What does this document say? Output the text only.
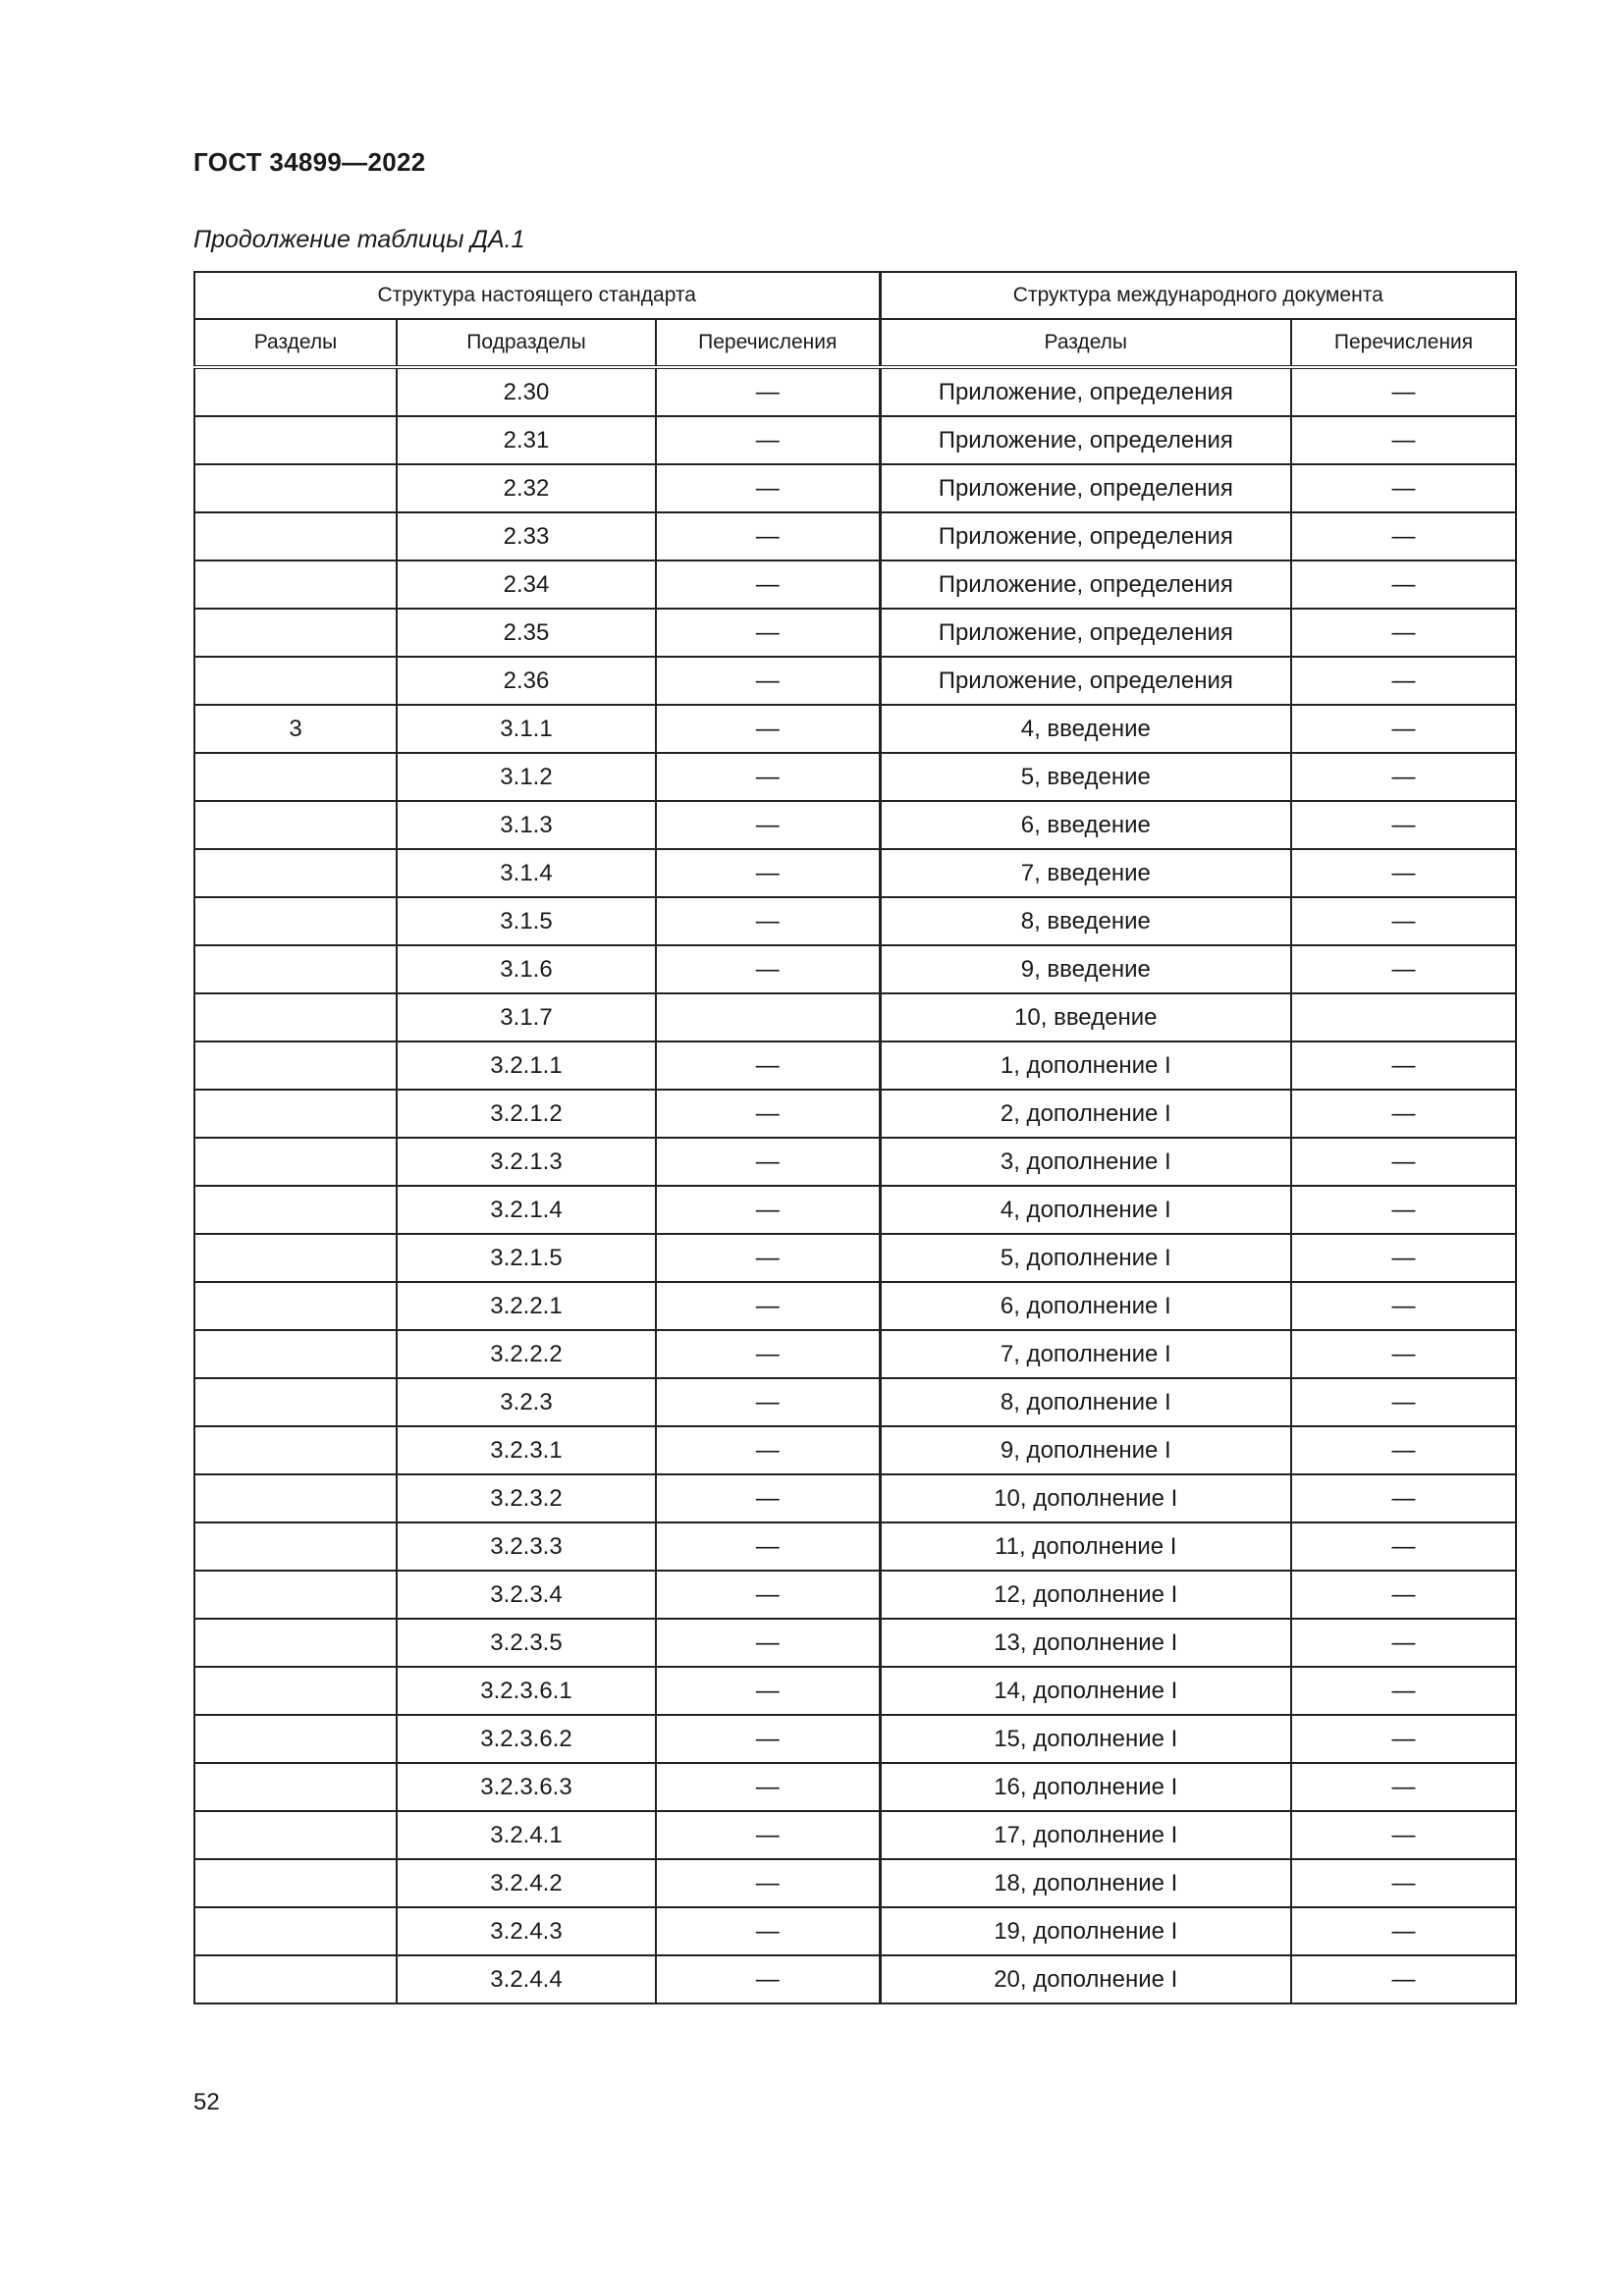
ГОСТ 34899—2022
Продолжение таблицы ДА.1
Структура настоящего стандарта			Структура международного документа	
Разделы	Подразделы	Перечисления	Разделы	Перечисления
	2.30	—	Приложение, определения	—
	2.31	—	Приложение, определения	—
	2.32	—	Приложение, определения	—
	2.33	—	Приложение, определения	—
	2.34	—	Приложение, определения	—
	2.35	—	Приложение, определения	—
	2.36	—	Приложение, определения	—
3	3.1.1	—	4, введение	—
	3.1.2	—	5, введение	—
	3.1.3	—	6, введение	—
	3.1.4	—	7, введение	—
	3.1.5	—	8, введение	—
	3.1.6	—	9, введение	—
	3.1.7		10, введение	
	3.2.1.1	—	1, дополнение I	—
	3.2.1.2	—	2, дополнение I	—
	3.2.1.3	—	3, дополнение I	—
	3.2.1.4	—	4, дополнение I	—
	3.2.1.5	—	5, дополнение I	—
	3.2.2.1	—	6, дополнение I	—
	3.2.2.2	—	7, дополнение I	—
	3.2.3	—	8, дополнение I	—
	3.2.3.1	—	9, дополнение I	—
	3.2.3.2	—	10, дополнение I	—
	3.2.3.3	—	11, дополнение I	—
	3.2.3.4	—	12, дополнение I	—
	3.2.3.5	—	13, дополнение I	—
	3.2.3.6.1	—	14, дополнение I	—
	3.2.3.6.2	—	15, дополнение I	—
	3.2.3.6.3	—	16, дополнение I	—
	3.2.4.1	—	17, дополнение I	—
	3.2.4.2	—	18, дополнение I	—
	3.2.4.3	—	19, дополнение I	—
	3.2.4.4	—	20, дополнение I	—
52
